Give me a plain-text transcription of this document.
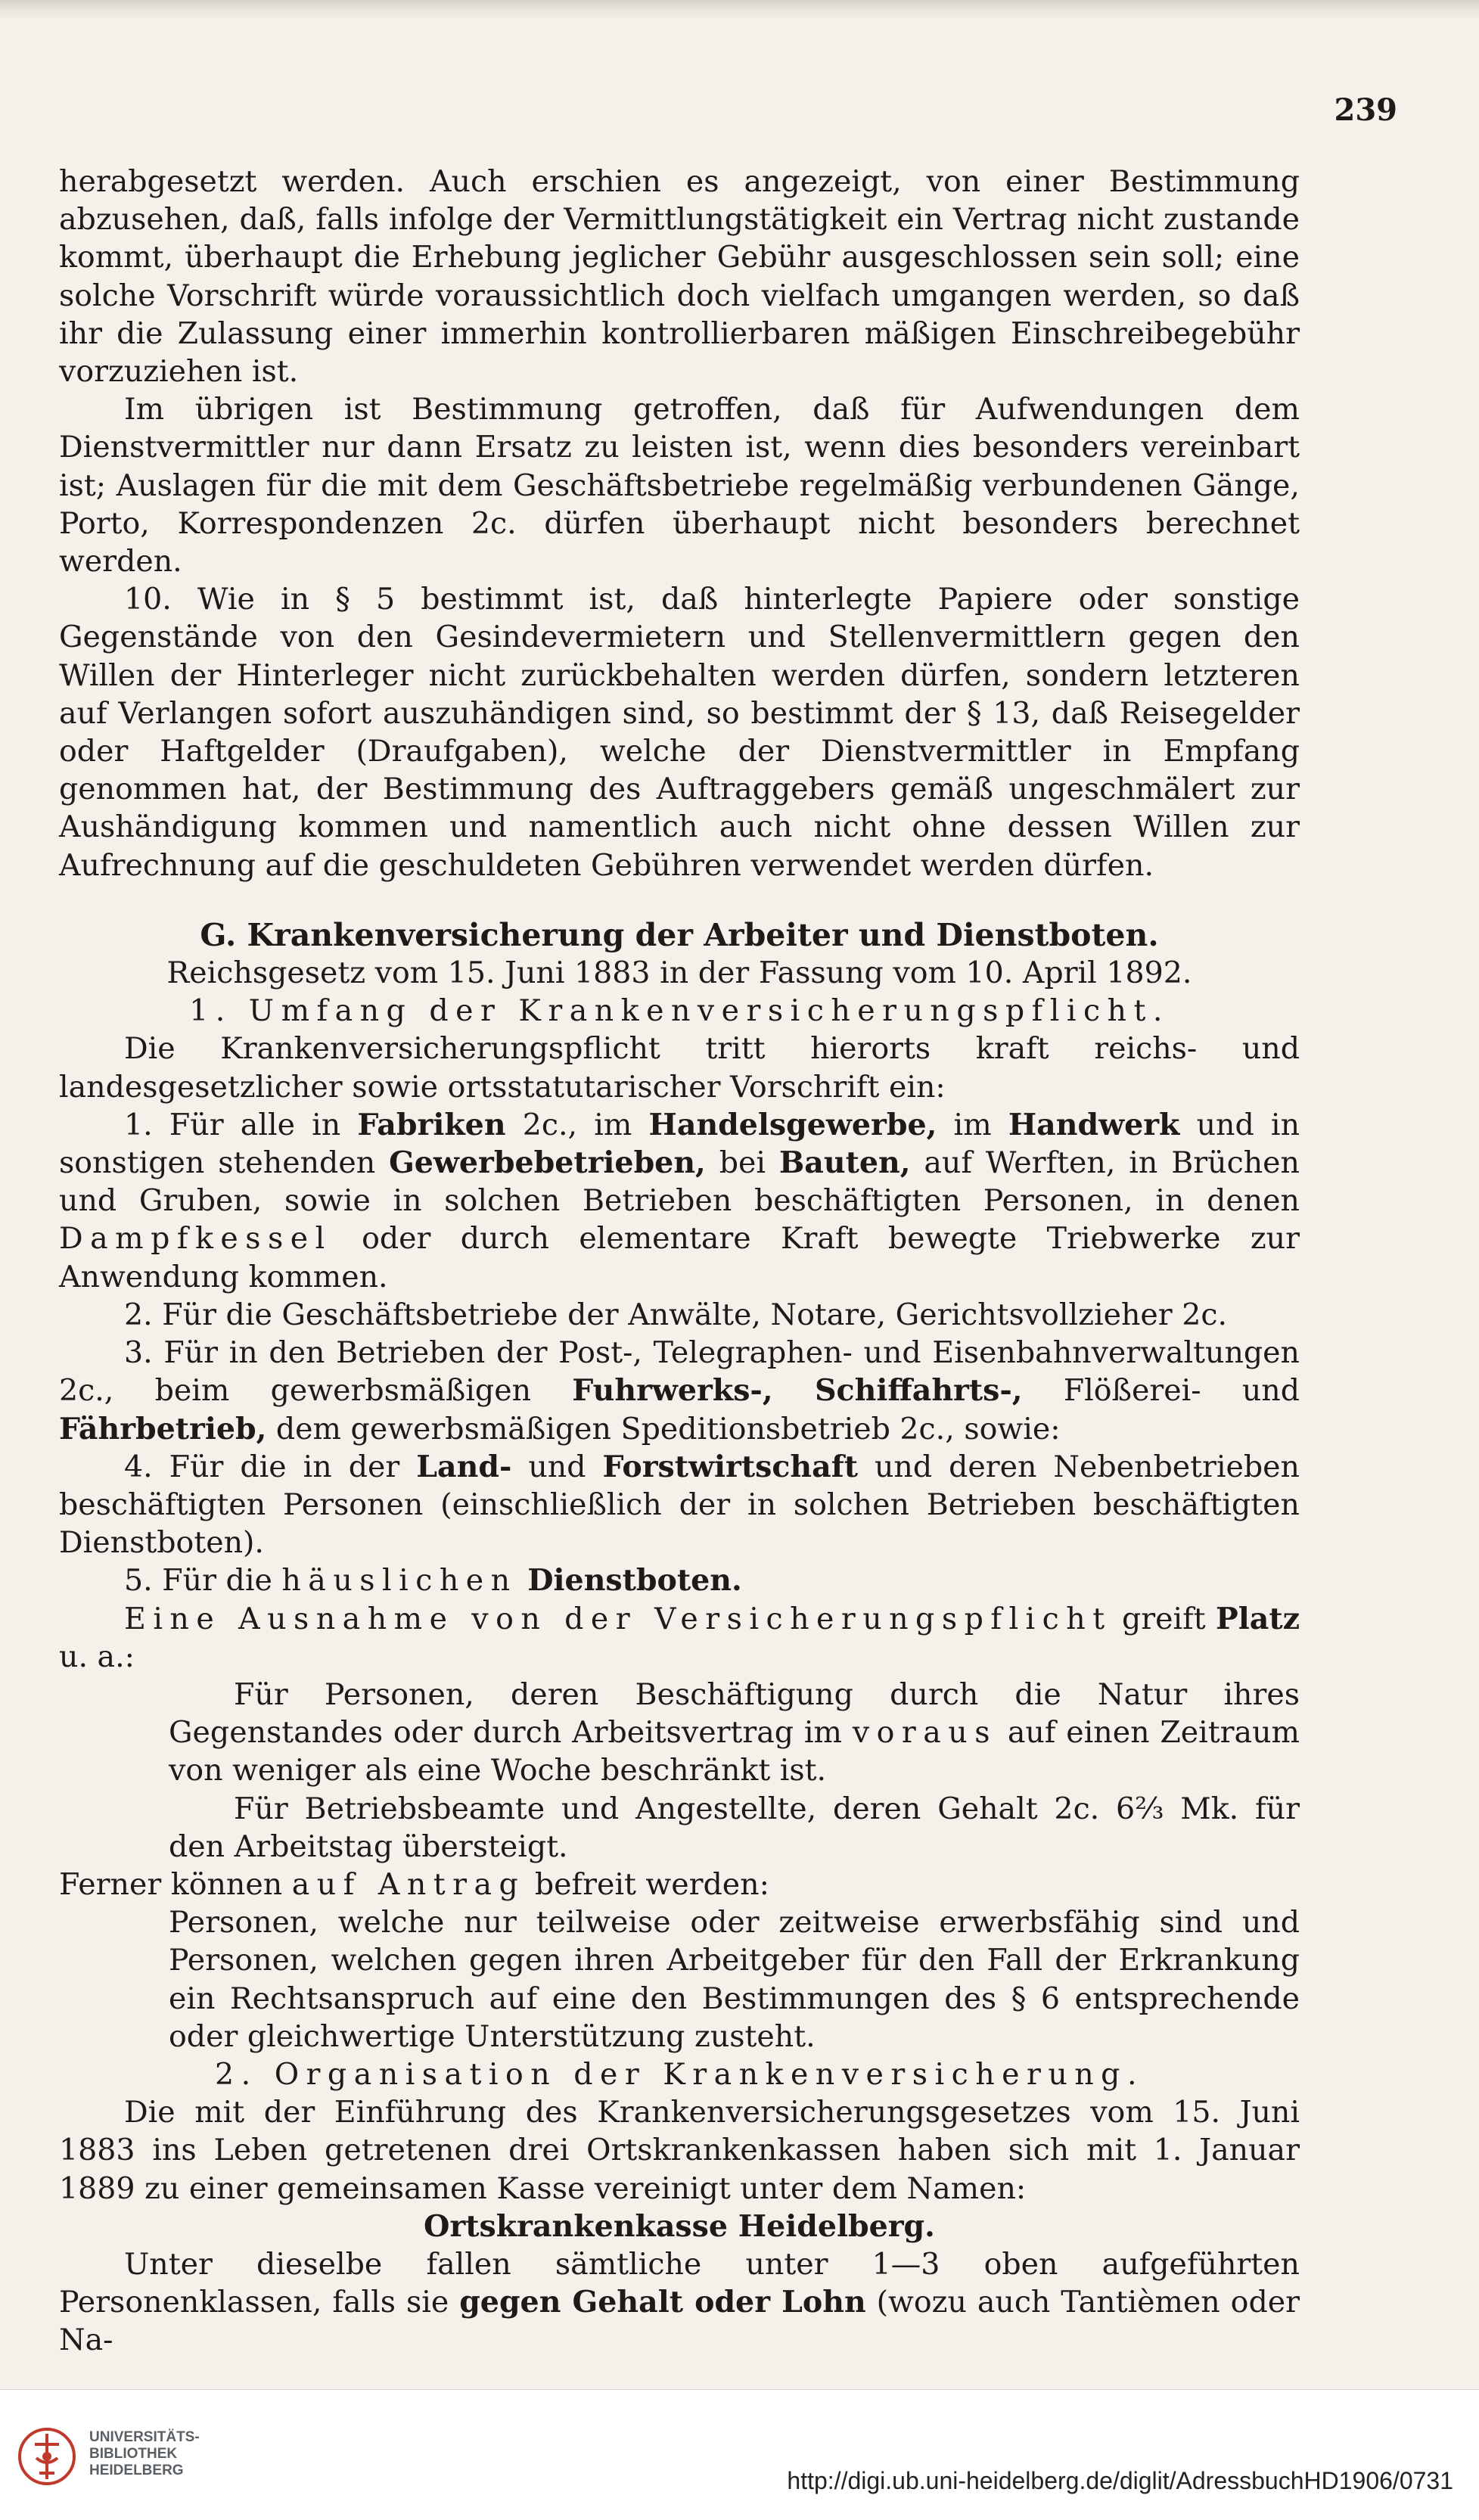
239

herabgesetzt werden. Auch erschien es angezeigt, von einer Bestimmung abzusehen, daß, falls infolge der Vermittlungstätigkeit ein Vertrag nicht zustande kommt, überhaupt die Erhebung jeglicher Gebühr ausgeschlossen sein soll; eine solche Vorschrift würde voraussichtlich doch vielfach umgangen werden, so daß ihr die Zulassung einer immerhin kontrollierbaren mäßigen Einschreibegebühr vorzuziehen ist.

Im übrigen ist Bestimmung getroffen, daß für Aufwendungen dem Dienstvermittler nur dann Ersatz zu leisten ist, wenn dies besonders vereinbart ist; Auslagen für die mit dem Geschäftsbetriebe regelmäßig verbundenen Gänge, Porto, Korrespondenzen 2c. dürfen überhaupt nicht besonders berechnet werden.

10. Wie in § 5 bestimmt ist, daß hinterlegte Papiere oder sonstige Gegenstände von den Gesindevermietern und Stellenvermittlern gegen den Willen der Hinterleger nicht zurückbehalten werden dürfen, sondern letzteren auf Verlangen sofort auszuhändigen sind, so bestimmt der § 13, daß Reisegelder oder Haftgelder (Draufgaben), welche der Dienstvermittler in Empfang genommen hat, der Bestimmung des Auftraggebers gemäß ungeschmälert zur Aushändigung kommen und namentlich auch nicht ohne dessen Willen zur Aufrechnung auf die geschuldeten Gebühren verwendet werden dürfen.

G. Krankenversicherung der Arbeiter und Dienstboten.

Reichsgesetz vom 15. Juni 1883 in der Fassung vom 10. April 1892.

1. Umfang der Krankenversicherungspflicht.

Die Krankenversicherungspflicht tritt hierorts kraft reichs- und landesgesetzlicher sowie ortsstatutarischer Vorschrift ein:

1. Für alle in Fabriken 2c., im Handelsgewerbe, im Handwerk und in sonstigen stehenden Gewerbebetrieben, bei Bauten, auf Werften, in Brüchen und Gruben, sowie in solchen Betrieben beschäftigten Personen, in denen Dampfkessel oder durch elementare Kraft bewegte Triebwerke zur Anwendung kommen.

2. Für die Geschäftsbetriebe der Anwälte, Notare, Gerichtsvollzieher 2c.

3. Für in den Betrieben der Post-, Telegraphen- und Eisenbahnverwaltungen 2c., beim gewerbsmäßigen Fuhrwerks-, Schiffahrts-, Flößerei- und Fährbetrieb, dem gewerbsmäßigen Speditionsbetrieb 2c., sowie:

4. Für die in der Land- und Forstwirtschaft und deren Nebenbetrieben beschäftigten Personen (einschließlich der in solchen Betrieben beschäftigten Dienstboten).

5. Für die häuslichen Dienstboten.

Eine Ausnahme von der Versicherungspflicht greift Platz u. a.:

Für Personen, deren Beschäftigung durch die Natur ihres Gegenstandes oder durch Arbeitsvertrag im voraus auf einen Zeitraum von weniger als eine Woche beschränkt ist.

Für Betriebsbeamte und Angestellte, deren Gehalt 2c. 6⅔ Mk. für den Arbeitstag übersteigt.

Ferner können auf Antrag befreit werden:

Personen, welche nur teilweise oder zeitweise erwerbsfähig sind und Personen, welchen gegen ihren Arbeitgeber für den Fall der Erkrankung ein Rechtsanspruch auf eine den Bestimmungen des § 6 entsprechende oder gleichwertige Unterstützung zusteht.

2. Organisation der Krankenversicherung.

Die mit der Einführung des Krankenversicherungsgesetzes vom 15. Juni 1883 ins Leben getretenen drei Ortskrankenkassen haben sich mit 1. Januar 1889 zu einer gemeinsamen Kasse vereinigt unter dem Namen:

Ortskrankenkasse Heidelberg.

Unter dieselbe fallen sämtliche unter 1—3 oben aufgeführten Personenklassen, falls sie gegen Gehalt oder Lohn (wozu auch Tantièmen oder Na-

UNIVERSITÄTS-
BIBLIOTHEK
HEIDELBERG	http://digi.ub.uni-heidelberg.de/diglit/AdressbuchHD1906/0731
